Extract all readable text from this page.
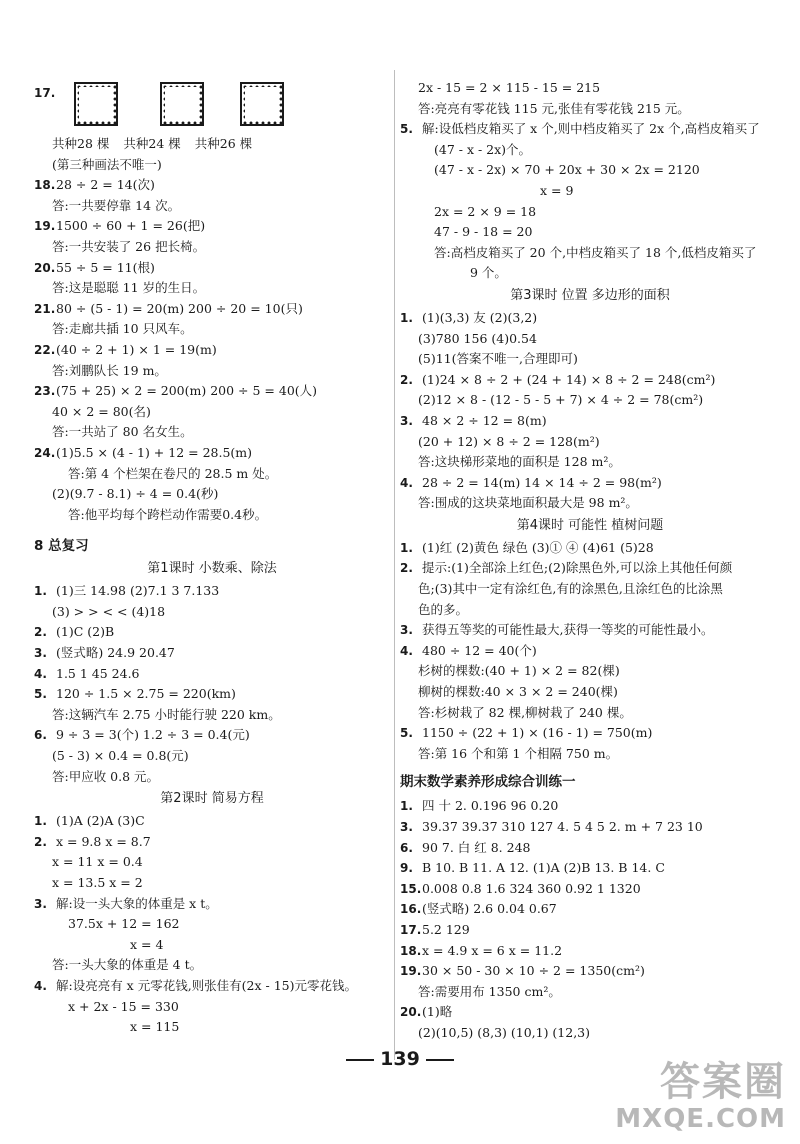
17.
共种28 棵 共种24 棵 共种26 棵
(第三种画法不唯一)
18.28 ÷ 2 = 14(次)
答:一共要停靠 14 次。
19.1500 ÷ 60 + 1 = 26(把)
答:一共安装了 26 把长椅。
20.55 ÷ 5 = 11(根)
答:这是聪聪 11 岁的生日。
21.80 ÷ (5 - 1) = 20(m) 200 ÷ 20 = 10(只)
答:走廊共插 10 只风车。
22.(40 ÷ 2 + 1) × 1 = 19(m)
答:刘鹏队长 19 m。
23.(75 + 25) × 2 = 200(m) 200 ÷ 5 = 40(人)
40 × 2 = 80(名)
答:一共站了 80 名女生。
24.(1)5.5 × (4 - 1) + 12 = 28.5(m)
答:第 4 个栏架在卷尺的 28.5 m 处。
(2)(9.7 - 8.1) ÷ 4 = 0.4(秒)
答:他平均每个跨栏动作需要0.4秒。
8 总复习
第1课时 小数乘、除法
1. (1)三 14.98 (2)7.1 3 7.133
(3) > > < < (4)18
2. (1)C (2)B
3. (竖式略) 24.9 20.47
4. 1.5 1 45 24.6
5. 120 ÷ 1.5 × 2.75 = 220(km)
答:这辆汽车 2.75 小时能行驶 220 km。
6. 9 ÷ 3 = 3(个) 1.2 ÷ 3 = 0.4(元)
(5 - 3) × 0.4 = 0.8(元)
答:甲应收 0.8 元。
第2课时 简易方程
1. (1)A (2)A (3)C
2. x = 9.8 x = 8.7
x = 11 x = 0.4
x = 13.5 x = 2
3. 解:设一头大象的体重是 x t。
37.5x + 12 = 162
x = 4
答:一头大象的体重是 4 t。
4. 解:设亮亮有 x 元零花钱,则张佳有(2x - 15)元零花钱。
x + 2x - 15 = 330
x = 115
2x - 15 = 2 × 115 - 15 = 215
答:亮亮有零花钱 115 元,张佳有零花钱 215 元。
5. 解:设低档皮箱买了 x 个,则中档皮箱买了 2x 个,高档皮箱买了
(47 - x - 2x)个。
(47 - x - 2x) × 70 + 20x + 30 × 2x = 2120
x = 9
2x = 2 × 9 = 18
47 - 9 - 18 = 20
答:高档皮箱买了 20 个,中档皮箱买了 18 个,低档皮箱买了
9 个。
第3课时 位置 多边形的面积
1. (1)(3,3) 友 (2)(3,2)
(3)780 156 (4)0.54
(5)11(答案不唯一,合理即可)
2. (1)24 × 8 ÷ 2 + (24 + 14) × 8 ÷ 2 = 248(cm²)
(2)12 × 8 - (12 - 5 - 5 + 7) × 4 ÷ 2 = 78(cm²)
3. 48 × 2 ÷ 12 = 8(m)
(20 + 12) × 8 ÷ 2 = 128(m²)
答:这块梯形菜地的面积是 128 m²。
4. 28 ÷ 2 = 14(m) 14 × 14 ÷ 2 = 98(m²)
答:围成的这块菜地面积最大是 98 m²。
第4课时 可能性 植树问题
1. (1)红 (2)黄色 绿色 (3)① ④ (4)61 (5)28
2. 提示:(1)全部涂上红色;(2)除黑色外,可以涂上其他任何颜
色;(3)其中一定有涂红色,有的涂黑色,且涂红色的比涂黑
色的多。
3. 获得五等奖的可能性最大,获得一等奖的可能性最小。
4. 480 ÷ 12 = 40(个)
杉树的棵数:(40 + 1) × 2 = 82(棵)
柳树的棵数:40 × 3 × 2 = 240(棵)
答:杉树栽了 82 棵,柳树栽了 240 棵。
5. 1150 ÷ (22 + 1) × (16 - 1) = 750(m)
答:第 16 个和第 1 个相隔 750 m。
期末数学素养形成综合训练一
1. 四 十 2. 0.196 96 0.20
3. 39.37 39.37 310 127 4. 5 4 5 2. m + 7 23 10
6. 90 7. 白 红 8. 248
9. B 10. B 11. A 12. (1)A (2)B 13. B 14. C
15.0.008 0.8 1.6 324 360 0.92 1 1320
16.(竖式略) 2.6 0.04 0.67
17.5.2 129
18.x = 4.9 x = 6 x = 11.2
19.30 × 50 - 30 × 10 ÷ 2 = 1350(cm²)
答:需要用布 1350 cm²。
20.(1)略
(2)(10,5) (8,3) (10,1) (12,3)
139	答案圈
MXQE.COM
